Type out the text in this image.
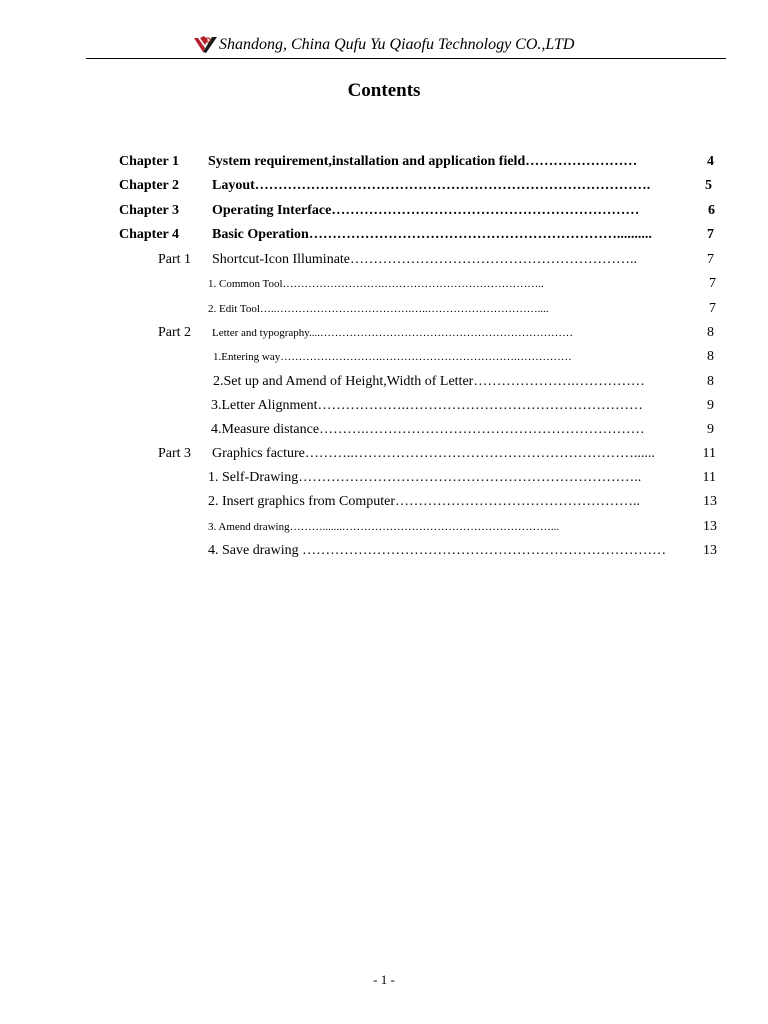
Shandong, China Qufu Yu Qiaofu Technology CO.,LTD
Contents
Chapter 1 System requirement,installation and application field……………………	4
Chapter 2 Layout………………………………………………………………………….	5
Chapter 3 Operating Interface…………………………………………………………	6
Chapter 4 Basic Operation…………………………………………………………..........	7
Part 1 Shortcut-Icon Illuminate……………………………………………………..	7
1. Common Tool……………………….……………………………………..	7
2. Edit Tool…..……………………………….…..…………………………....	7
Part 2 Letter and typography....……………………………………………………………	8
1.Entering way……………………….……………………………….……………	8
2.Set up and Amend of Height,Width of Letter………………….……………	8
3.Letter Alignment……………….……………………………………………	9
4.Measure distance……….……………………………………………………	9
Part 3 Graphics facture………..……………………………………………………......	11
1. Self-Drawing………………………………………………………………..	11
2. Insert graphics from Computer……………………………………………..	13
3. Amend drawing……….......…………………………………………………...	13
4. Save drawing ……………………………………………………………………	13
- 1 -
